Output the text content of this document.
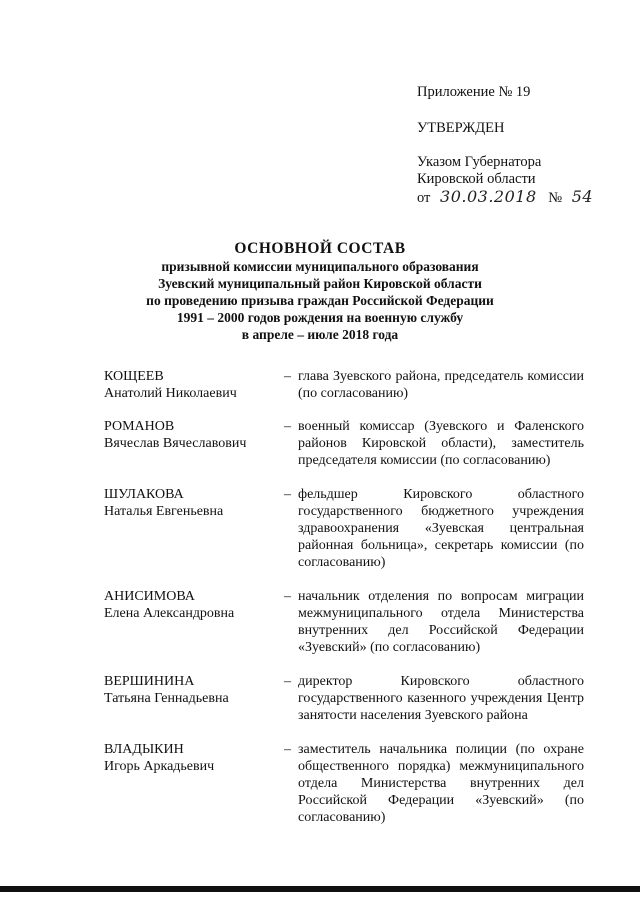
Приложение № 19

УТВЕРЖДЕН

Указом Губернатора
Кировской области
от 30.03.2018 № 54
ОСНОВНОЙ СОСТАВ
призывной комиссии муниципального образования
Зуевский муниципальный район Кировской области
по проведению призыва граждан Российской Федерации
1991 – 2000 годов рождения на военную службу
в апреле – июле 2018 года
КОЩЕЕВ
Анатолий Николаевич
– глава Зуевского района, председатель комиссии (по согласованию)
РОМАНОВ
Вячеслав Вячеславович
– военный комиссар (Зуевского и Фаленского районов Кировской области), заместитель председателя комиссии (по согласованию)
ШУЛАКОВА
Наталья Евгеньевна
– фельдшер Кировского областного государственного бюджетного учреждения здравоохранения «Зуевская центральная районная больница», секретарь комиссии (по согласованию)
АНИСИМОВА
Елена Александровна
– начальник отделения по вопросам миграции межмуниципального отдела Министерства внутренних дел Российской Федерации «Зуевский» (по согласованию)
ВЕРШИНИНА
Татьяна Геннадьевна
– директор Кировского областного государственного казенного учреждения Центр занятости населения Зуевского района
ВЛАДЫКИН
Игорь Аркадьевич
– заместитель начальника полиции (по охране общественного порядка) межмуниципального отдела Министерства внутренних дел Российской Федерации «Зуевский» (по согласованию)
